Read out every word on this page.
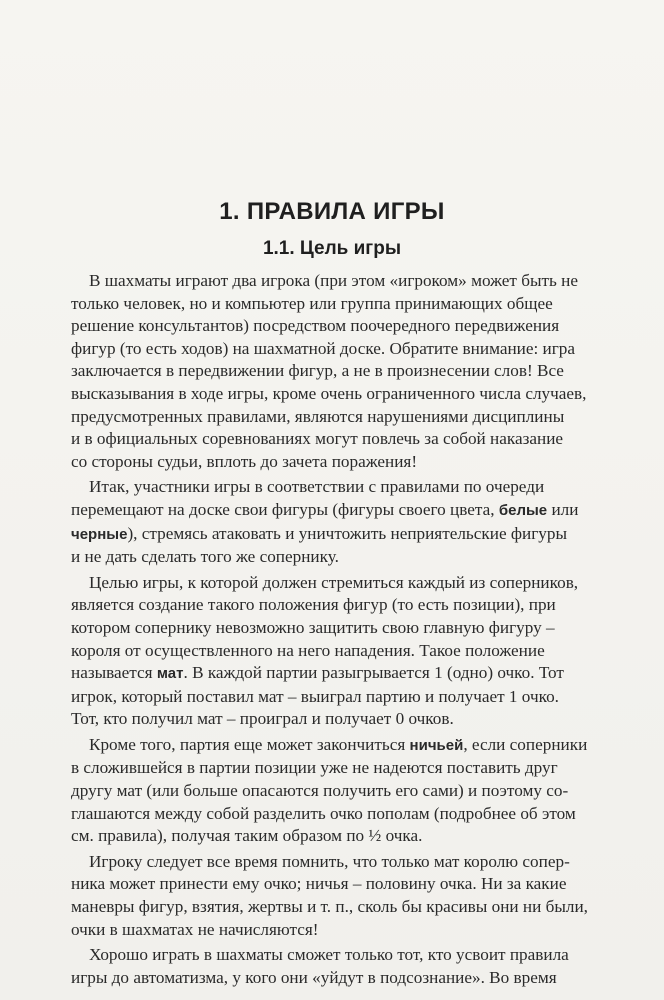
1. ПРАВИЛА ИГРЫ
1.1. Цель игры

В шахматы играют два игрока (при этом «игроком» может быть не
только человек, но и компьютер или группа принимающих общее
решение консультантов) посредством поочередного передвижения
фигур (то есть ходов) на шахматной доске. Обратите внимание: игра
заключается в передвижении фигур, а не в произнесении слов! Все
высказывания в ходе игры, кроме очень ограниченного числа случаев,
предусмотренных правилами, являются нарушениями дисциплины
и в официальных соревнованиях могут повлечь за собой наказание
со стороны судьи, вплоть до зачета поражения!

Итак, участники игры в соответствии с правилами по очереди
перемещают на доске свои фигуры (фигуры своего цвета, белые или
черные), стремясь атаковать и уничтожить неприятельские фигуры
и не дать сделать того же сопернику.

Целью игры, к которой должен стремиться каждый из соперников,
является создание такого положения фигур (то есть позиции), при
котором сопернику невозможно защитить свою главную фигуру –
короля от осуществленного на него нападения. Такое положение
называется мат. В каждой партии разыгрывается 1 (одно) очко. Тот
игрок, который поставил мат – выиграл партию и получает 1 очко.
Тот, кто получил мат – проиграл и получает 0 очков.

Кроме того, партия еще может закончиться ничьей, если соперники
в сложившейся в партии позиции уже не надеются поставить друг
другу мат (или больше опасаются получить его сами) и поэтому со-
глашаются между собой разделить очко пополам (подробнее об этом
см. правила), получая таким образом по ½ очка.

Игроку следует все время помнить, что только мат королю сопер-
ника может принести ему очко; ничья – половину очка. Ни за какие
маневры фигур, взятия, жертвы и т. п., сколь бы красивы они ни были,
очки в шахматах не начисляются!

Хорошо играть в шахматы сможет только тот, кто усвоит правила
игры до автоматизма, у кого они «уйдут в подсознание». Во время
